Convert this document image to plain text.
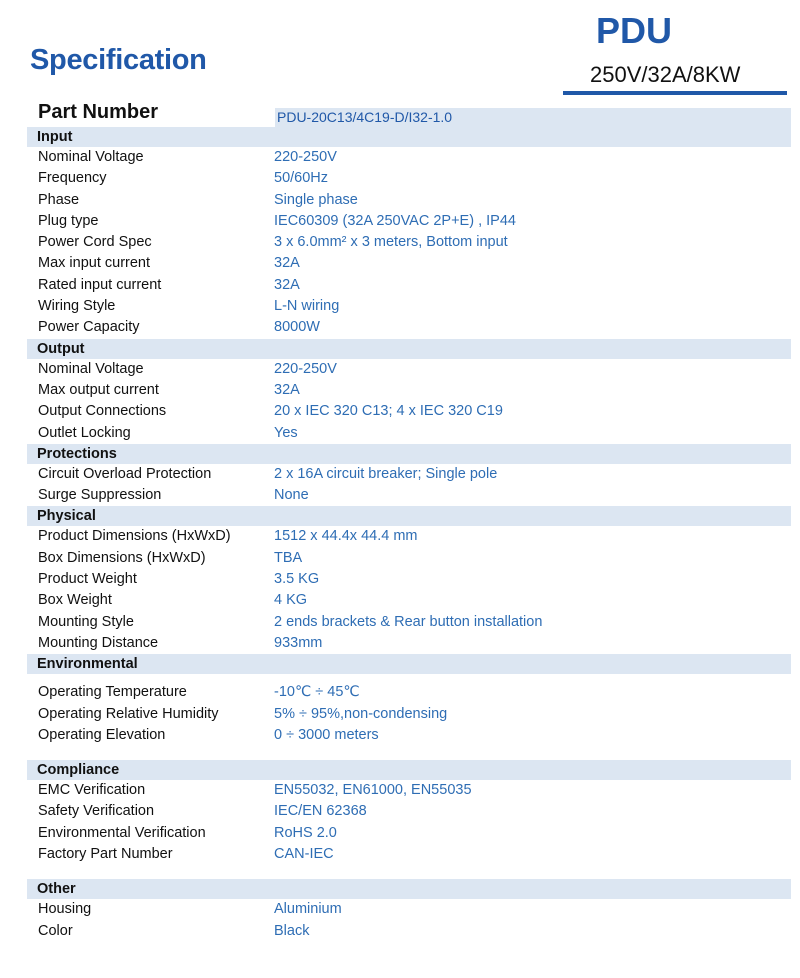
Specification
PDU
250V/32A/8KW
Part Number	PDU-20C13/4C19-D/I32-1.0
Input
Nominal Voltage	220-250V
Frequency	50/60Hz
Phase	Single phase
Plug type	IEC60309 (32A 250VAC 2P+E) , IP44
Power Cord Spec	3 x 6.0mm² x 3 meters, Bottom input
Max input current	32A
Rated input current	32A
Wiring Style	L-N wiring
Power Capacity	8000W
Output
Nominal Voltage	220-250V
Max output current	32A
Output Connections	20 x IEC 320 C13; 4 x IEC 320 C19
Outlet Locking	Yes
Protections
Circuit Overload Protection	2 x 16A circuit breaker; Single pole
Surge Suppression	None
Physical
Product Dimensions (HxWxD)	1512 x 44.4x 44.4 mm
Box Dimensions (HxWxD)	TBA
Product Weight	3.5 KG
Box Weight	4 KG
Mounting Style	2 ends brackets & Rear button installation
Mounting Distance	933mm
Environmental
Operating Temperature	-10℃ ÷ 45℃
Operating Relative Humidity	5% ÷ 95%,non-condensing
Operating Elevation	0 ÷ 3000 meters
Compliance
EMC Verification	EN55032, EN61000, EN55035
Safety Verification	IEC/EN 62368
Environmental Verification	RoHS 2.0
Factory Part Number	CAN-IEC
Other
Housing	Aluminium
Color	Black
